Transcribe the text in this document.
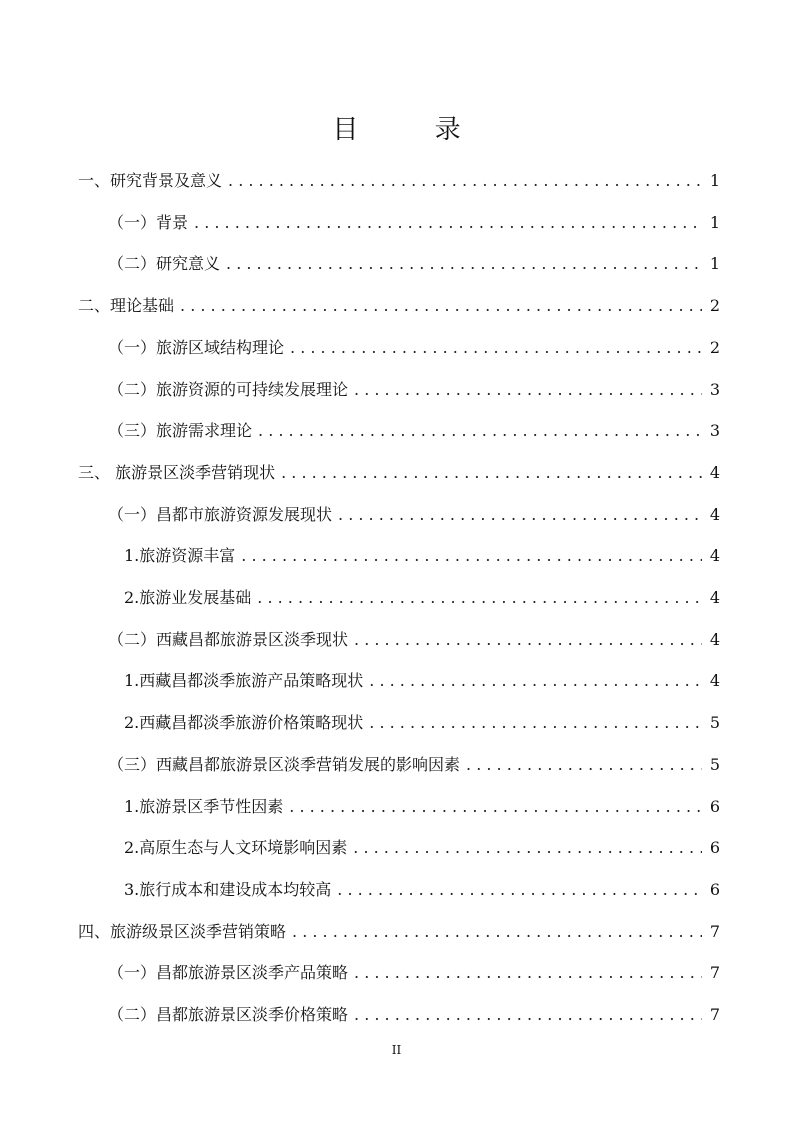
目 录
一、研究背景及意义 . . .	1
（一）背景 . . .	1
（二）研究意义 . . .	1
二、理论基础 . . .	2
（一）旅游区域结构理论 . . .	2
（二）旅游资源的可持续发展理论 . . .	3
（三）旅游需求理论 . . .	3
三、 旅游景区淡季营销现状 . . .	4
（一）昌都市旅游资源发展现状 . . .	4
1.旅游资源丰富 . . .	4
2.旅游业发展基础 . . .	4
（二）西藏昌都旅游景区淡季现状 . . .	4
1.西藏昌都淡季旅游产品策略现状 . . .	4
2.西藏昌都淡季旅游价格策略现状 . . .	5
（三）西藏昌都旅游景区淡季营销发展的影响因素 . . .	5
1.旅游景区季节性因素 . . .	6
2.高原生态与人文环境影响因素 . . .	6
3.旅行成本和建设成本均较高 . . .	6
四、旅游级景区淡季营销策略 . . .	7
（一）昌都旅游景区淡季产品策略 . . .	7
（二）昌都旅游景区淡季价格策略 . . .	7
II
